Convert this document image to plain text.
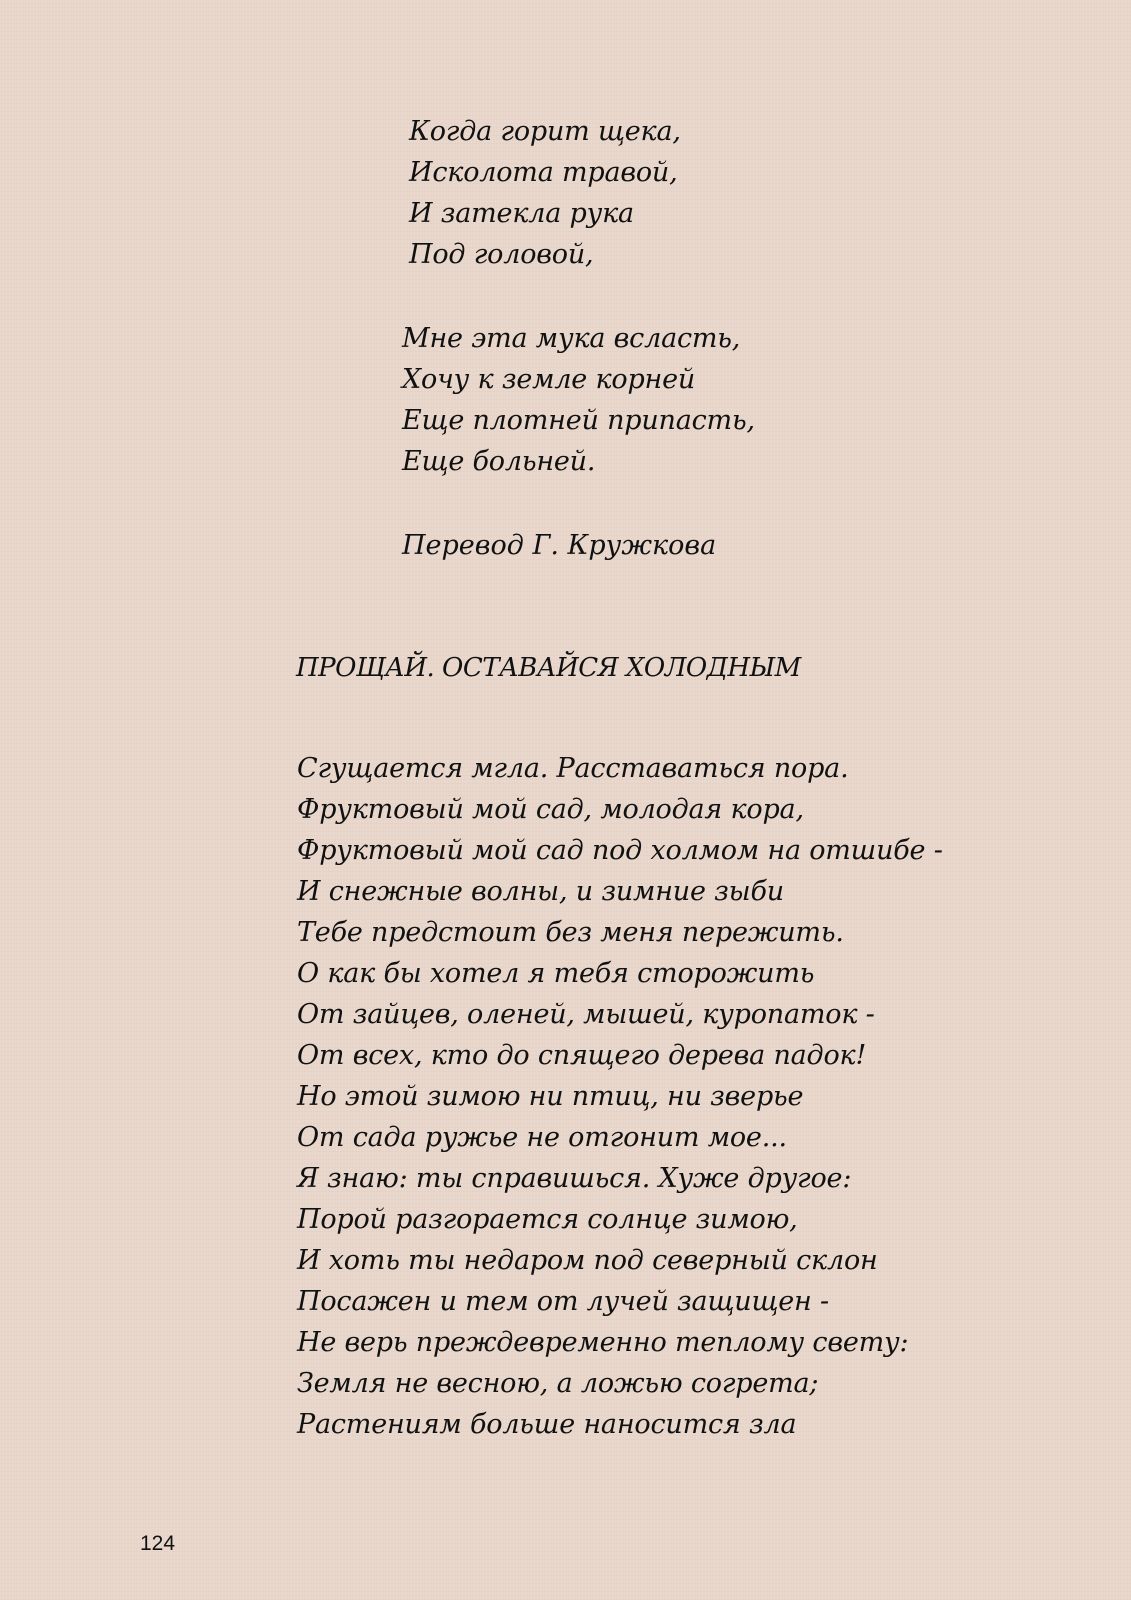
Когда горит щека,
Исколота травой,
И затекла рука
Под головой,
Мне эта мука всласть,
Хочу к земле корней
Еще плотней припасть,
Еще больней.
Перевод Г. Кружкова
ПРОЩАЙ. ОСТАВАЙСЯ ХОЛОДНЫМ
Сгущается мгла. Расставаться пора.
Фруктовый мой сад, молодая кора,
Фруктовый мой сад под холмом на отшибе -
И снежные волны, и зимние зыби
Тебе предстоит без меня пережить.
О как бы хотел я тебя сторожить
От зайцев, оленей, мышей, куропаток -
От всех, кто до спящего дерева падок!
Но этой зимою ни птиц, ни зверье
От сада ружье не отгонит мое...
Я знаю: ты справишься. Хуже другое:
Порой разгорается солнце зимою,
И хоть ты недаром под северный склон
Посажен и тем от лучей защищен -
Не верь преждевременно теплому свету:
Земля не весною, а ложью согрета;
Растениям больше наносится зла
124
